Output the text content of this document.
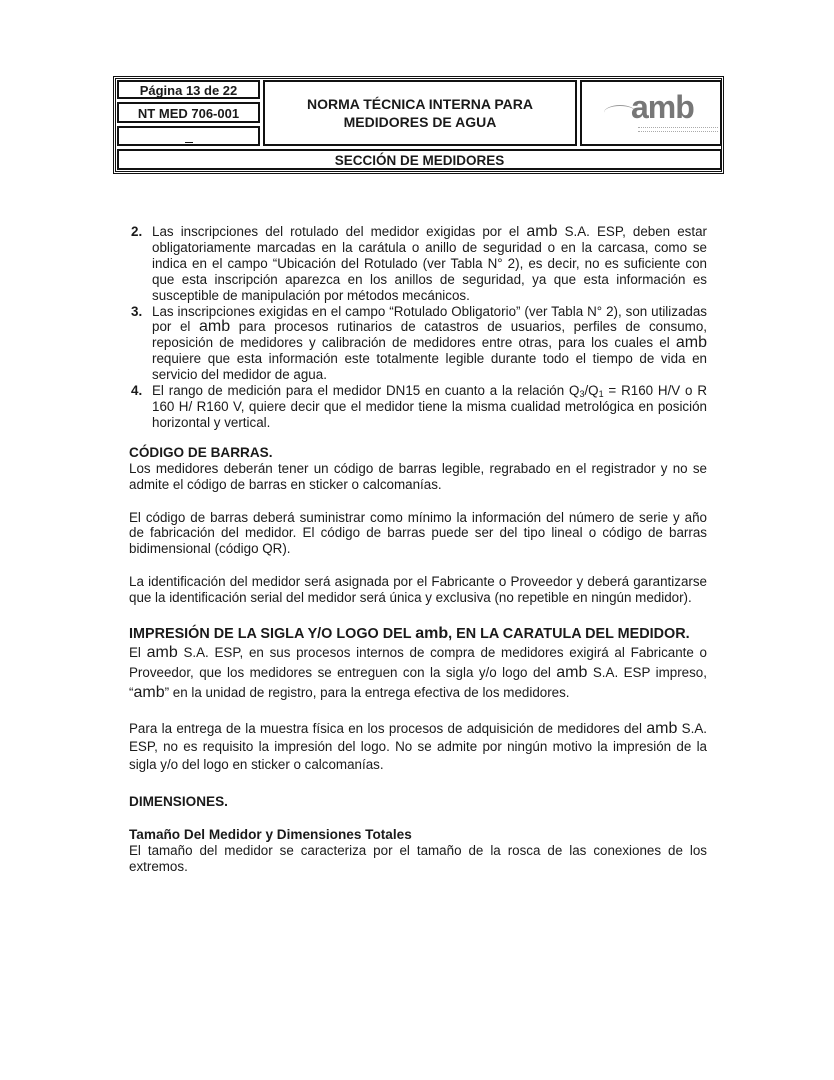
Página 13 de 22
NT MED 706-001
NORMA TÉCNICA INTERNA PARA
MEDIDORES DE AGUA	amb
SECCIÓN DE MEDIDORES
2. Las inscripciones del rotulado del medidor exigidas por el amb S.A. ESP, deben estar obligatoriamente marcadas en la carátula o anillo de seguridad o en la carcasa, como se indica en el campo “Ubicación del Rotulado (ver Tabla N° 2), es decir, no es suficiente con que esta inscripción aparezca en los anillos de seguridad, ya que esta información es susceptible de manipulación por métodos mecánicos.
3. Las inscripciones exigidas en el campo “Rotulado Obligatorio” (ver Tabla N° 2), son utilizadas por el amb para procesos rutinarios de catastros de usuarios, perfiles de consumo, reposición de medidores y calibración de medidores entre otras, para los cuales el amb requiere que esta información este totalmente legible durante todo el tiempo de vida en servicio del medidor de agua.
4. El rango de medición para el medidor DN15 en cuanto a la relación $Q_3/Q_1 = R160$ H/V o R 160 H/ R160 V, quiere decir que el medidor tiene la misma cualidad metrológica en posición horizontal y vertical.
CÓDIGO DE BARRAS.

Los medidores deberán tener un código de barras legible, regrabado en el registrador y no se admite el código de barras en sticker o calcomanías.

El código de barras deberá suministrar como mínimo la información del número de serie y año de fabricación del medidor. El código de barras puede ser del tipo lineal o código de barras bidimensional (código QR).

La identificación del medidor será asignada por el Fabricante o Proveedor y deberá garantizarse que la identificación serial del medidor será única y exclusiva (no repetible en ningún medidor).

IMPRESIÓN DE LA SIGLA Y/O LOGO DEL amb, EN LA CARATULA DEL MEDIDOR.

El amb S.A. ESP, en sus procesos internos de compra de medidores exigirá al Fabricante o Proveedor, que los medidores se entreguen con la sigla y/o logo del amb S.A. ESP impreso, “amb” en la unidad de registro, para la entrega efectiva de los medidores.

Para la entrega de la muestra física en los procesos de adquisición de medidores del amb S.A. ESP, no es requisito la impresión del logo. No se admite por ningún motivo la impresión de la sigla y/o del logo en sticker o calcomanías.

DIMENSIONES.
Tamaño Del Medidor y Dimensiones Totales

El tamaño del medidor se caracteriza por el tamaño de la rosca de las conexiones de los extremos.
